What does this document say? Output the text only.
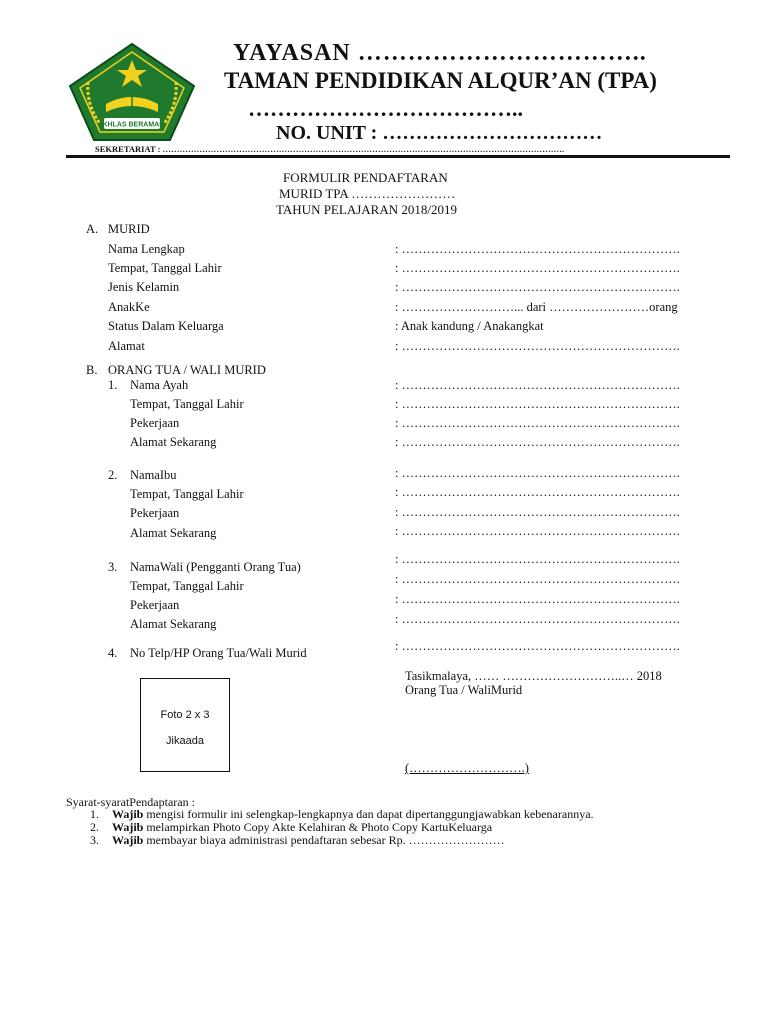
IKHLAS BERAMAL
YAYASAN ……………………………..
TAMAN PENDIDIKAN ALQUR’AN (TPA)
………………………………..
NO. UNIT : ……………………………
SEKRETARIAT : …………………………………………………………………………………………………………………………….
FORMULIR PENDAFTARAN
MURID TPA ……………………
TAHUN PELAJARAN 2018/2019
A. MURID
Nama Lengkap	: ………………………………………………………….
Tempat, Tanggal Lahir	: ………………………………………………………….
Jenis Kelamin	: ………………………………………………………….
AnakKe	: ………………………... dari ……………………orang
Status Dalam Keluarga	: Anak kandung / Anakangkat
Alamat	: ………………………………………………………….
B. ORANG TUA / WALI MURID
1. Nama Ayah	: ………………………………………………………….
Tempat, Tanggal Lahir	: ………………………………………………………….
Pekerjaan	: ………………………………………………………….
Alamat Sekarang	: ………………………………………………………….
2. NamaIbu	: ………………………………………………………….
Tempat, Tanggal Lahir	: ………………………………………………………….
Pekerjaan	: ………………………………………………………….
Alamat Sekarang	: ………………………………………………………….
3. NamaWali (Pengganti Orang Tua)
: ………………………………………………………….
Tempat, Tanggal Lahir	: ………………………………………………………….
Pekerjaan	: ………………………………………………………….
Alamat Sekarang	: ………………………………………………………….
4. No Telp/HP Orang Tua/Wali Murid	: ………………………………………………………….
Foto 2 x 3
Jikaada
Tasikmalaya, …… ………………………..… 2018
Orang Tua / WaliMurid
(……………………….)
Syarat-syaratPendaptaran :
1. Wajib mengisi formulir ini selengkap-lengkapnya dan dapat dipertanggungjawabkan kebenarannya.
2. Wajib melampirkan Photo Copy Akte Kelahiran & Photo Copy KartuKeluarga
3. Wajib membayar biaya administrasi pendaftaran sebesar Rp. ……………………
